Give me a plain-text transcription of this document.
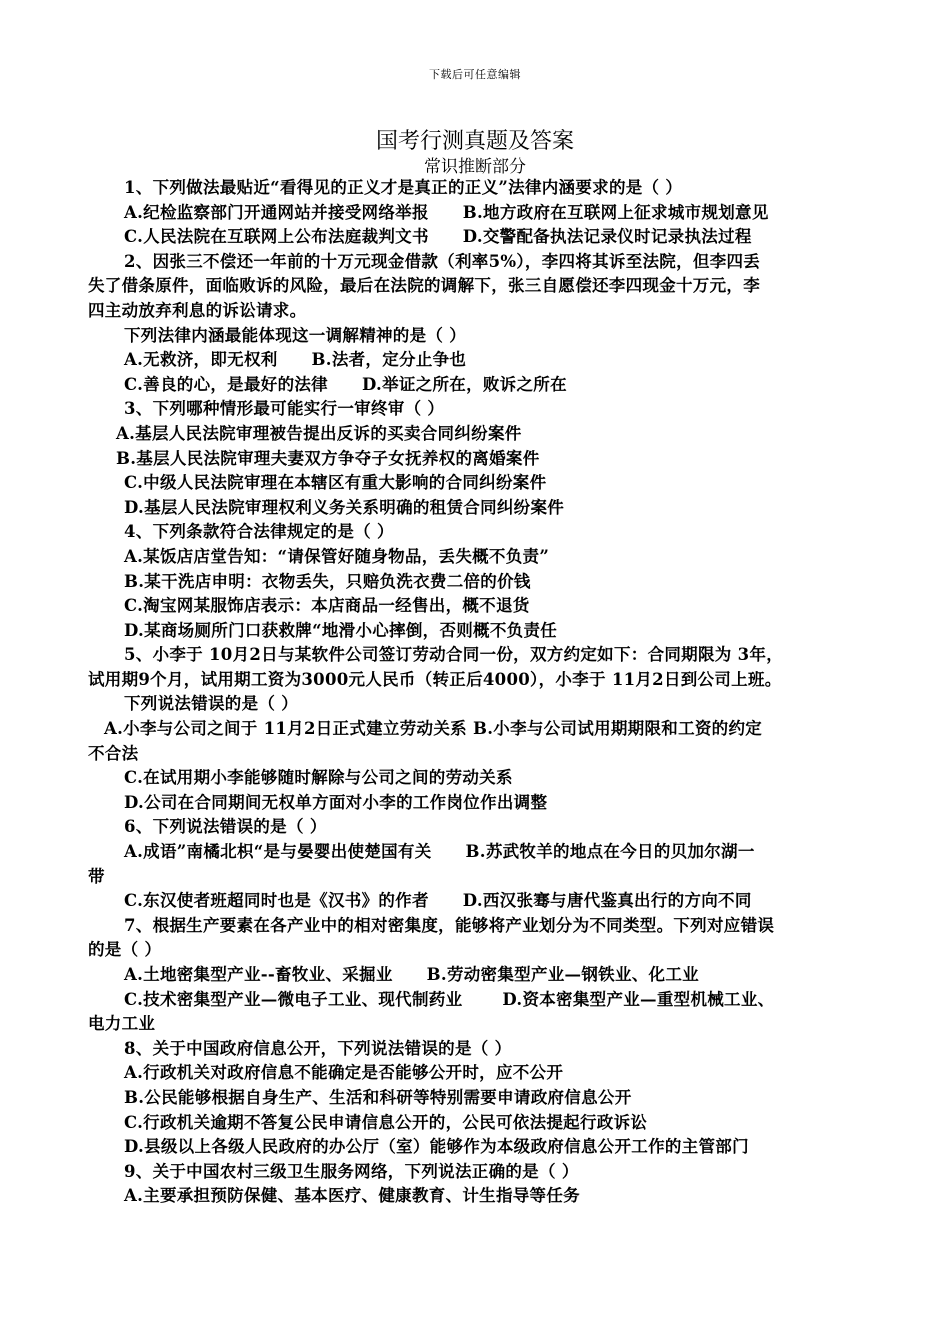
下载后可任意编辑
国考行测真题及答案
常识推断部分
1、下列做法最贴近“看得见的正义才是真正的正义”法律内涵要求的是（ ）
A.纪检监察部门开通网站并接受网络举报 B.地方政府在互联网上征求城市规划意见
C.人民法院在互联网上公布法庭裁判文书 D.交警配备执法记录仪时记录执法过程
2、因张三不偿还一年前的十万元现金借款（利率5%），李四将其诉至法院，但李四丢
失了借条原件，面临败诉的风险，最后在法院的调解下，张三自愿偿还李四现金十万元，李
四主动放弃利息的诉讼请求。
下列法律内涵最能体现这一调解精神的是（ ）
A.无救济，即无权利 B.法者，定分止争也
C.善良的心，是最好的法律 D.举证之所在，败诉之所在
3、下列哪种情形最可能实行一审终审（ ）
A.基层人民法院审理被告提出反诉的买卖合同纠纷案件
B.基层人民法院审理夫妻双方争夺子女抚养权的离婚案件
C.中级人民法院审理在本辖区有重大影响的合同纠纷案件
D.基层人民法院审理权利义务关系明确的租赁合同纠纷案件
4、下列条款符合法律规定的是（ ）
A.某饭店店堂告知：“请保管好随身物品，丢失概不负责”
B.某干洗店申明：衣物丢失，只赔负洗衣费二倍的价钱
C.淘宝网某服饰店表示：本店商品一经售出，概不退货
D.某商场厕所门口获救牌“地滑小心摔倒，否则概不负责任
5、小李于 10月2日与某软件公司签订劳动合同一份，双方约定如下：合同期限为 3年，
试用期9个月，试用期工资为3000元人民币（转正后4000），小李于 11月2日到公司上班。
下列说法错误的是（ ）
A.小李与公司之间于 11月2日正式建立劳动关系 B.小李与公司试用期期限和工资的约定
不合法
C.在试用期小李能够随时解除与公司之间的劳动关系
D.公司在合同期间无权单方面对小李的工作岗位作出调整
6、下列说法错误的是（ ）
A.成语”南橘北枳“是与晏婴出使楚国有关 B.苏武牧羊的地点在今日的贝加尔湖一
带
C.东汉使者班超同时也是《汉书》的作者 D.西汉张骞与唐代鉴真出行的方向不同
7、根据生产要素在各产业中的相对密集度，能够将产业划分为不同类型。下列对应错误
的是（ ）
A.土地密集型产业--畜牧业、采掘业 B.劳动密集型产业—钢铁业、化工业
C.技术密集型产业—微电子工业、现代制药业 D.资本密集型产业—重型机械工业、
电力工业
8、关于中国政府信息公开，下列说法错误的是（ ）
A.行政机关对政府信息不能确定是否能够公开时，应不公开
B.公民能够根据自身生产、生活和科研等特别需要申请政府信息公开
C.行政机关逾期不答复公民申请信息公开的，公民可依法提起行政诉讼
D.县级以上各级人民政府的办公厅（室）能够作为本级政府信息公开工作的主管部门
9、关于中国农村三级卫生服务网络，下列说法正确的是（ ）
A.主要承担预防保健、基本医疗、健康教育、计生指导等任务
